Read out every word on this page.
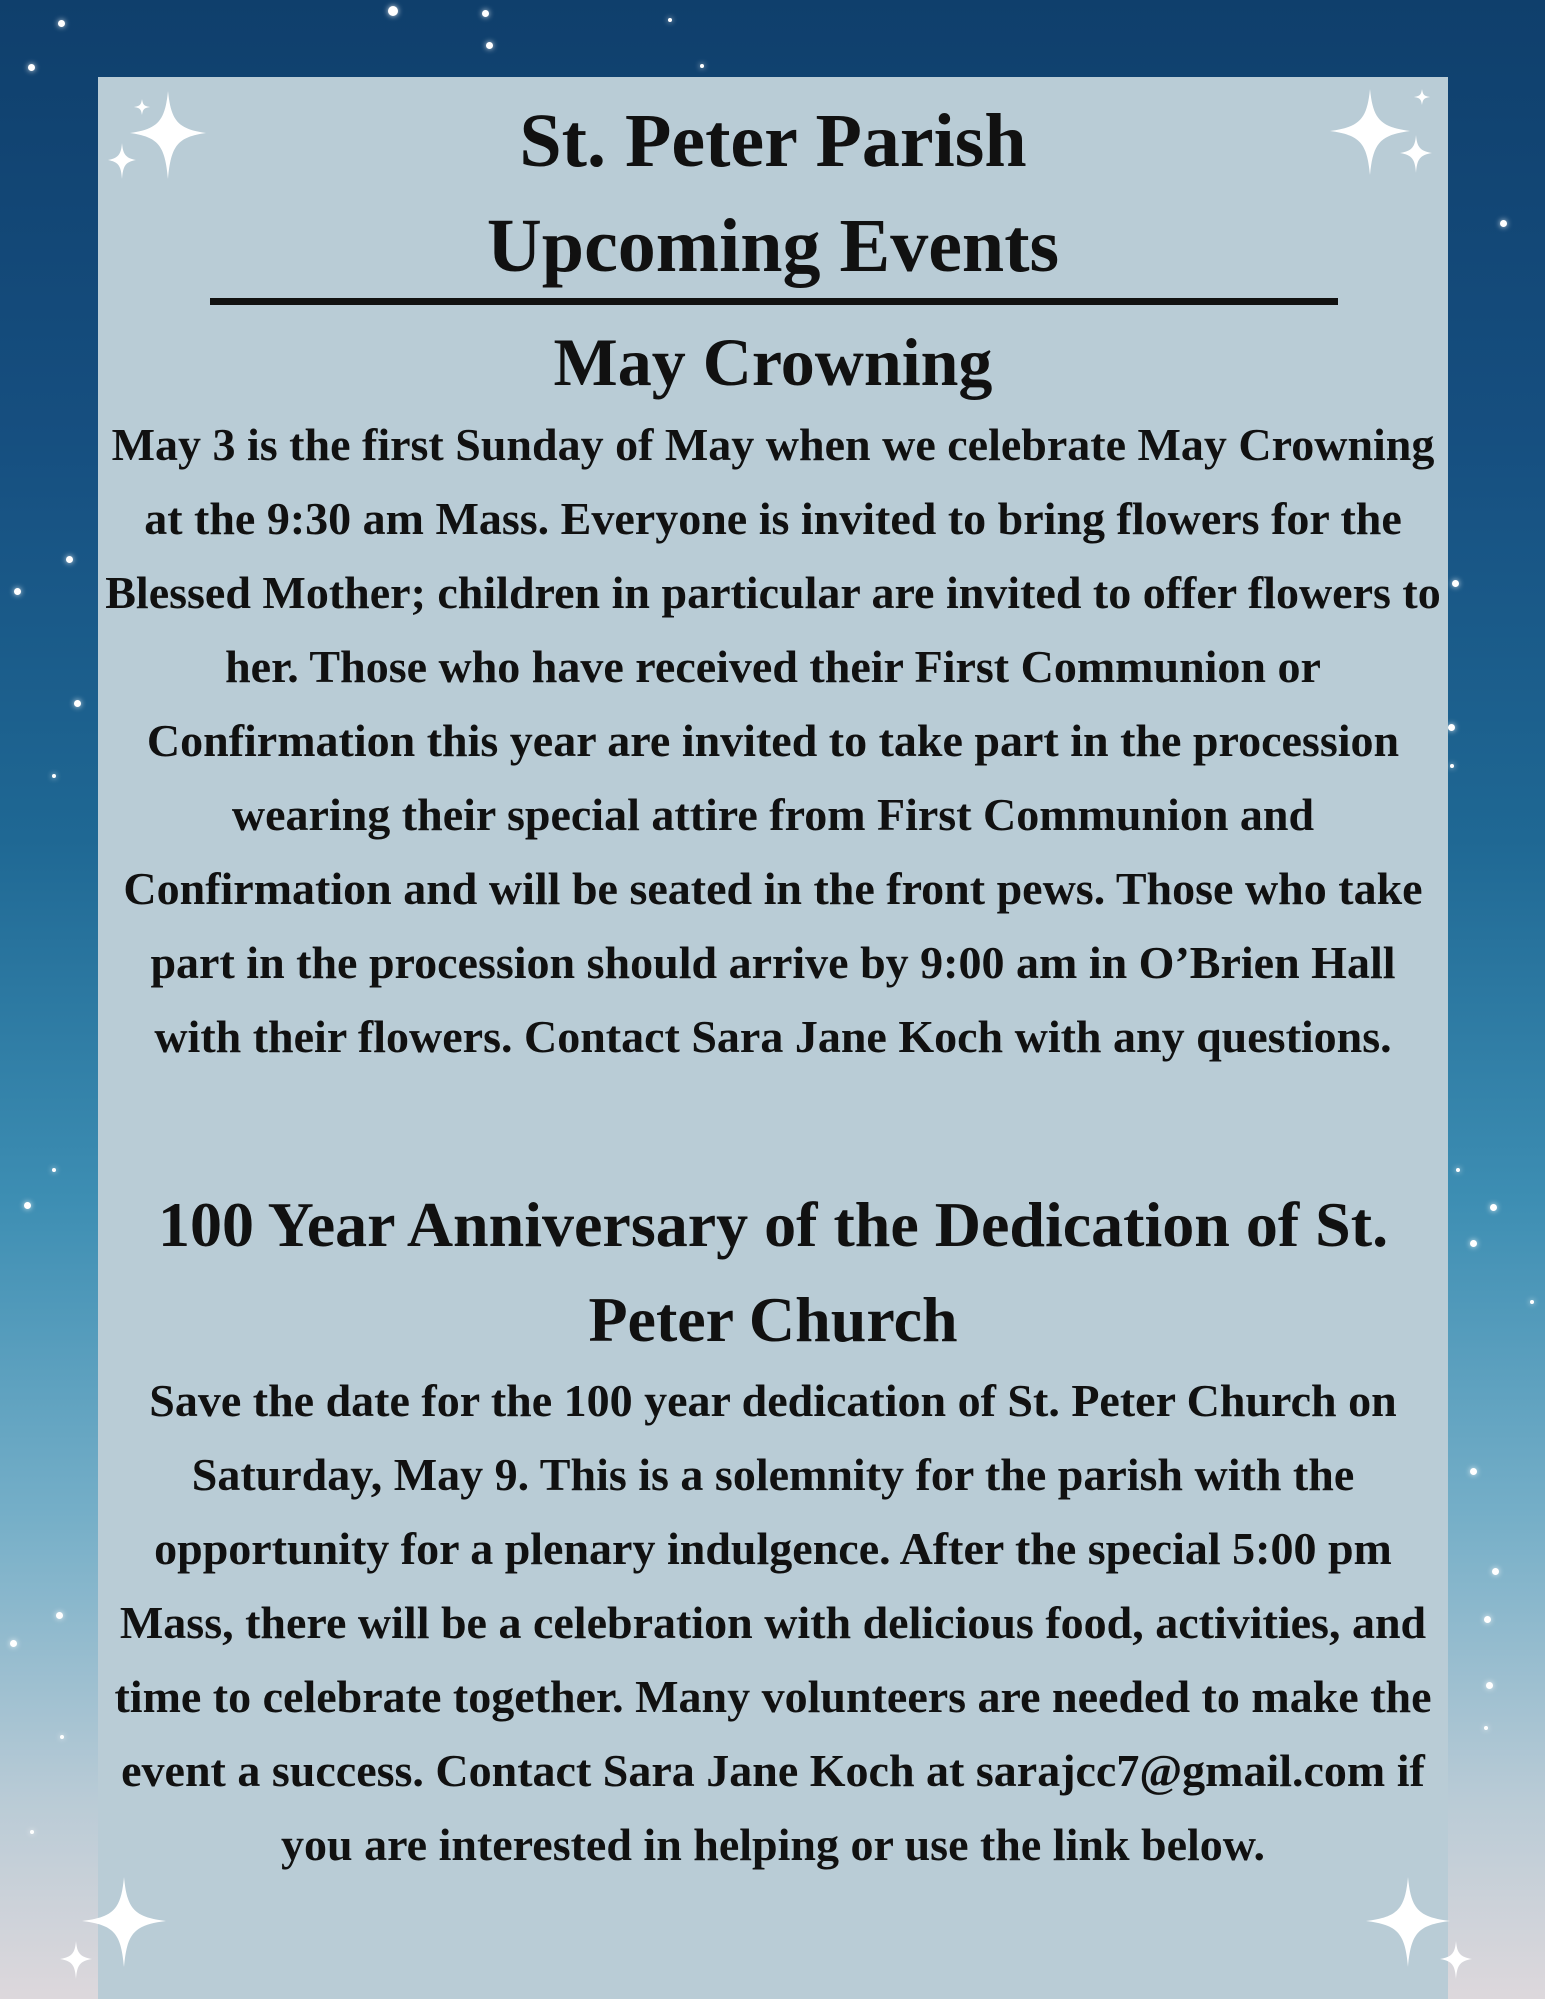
St. Peter Parish
Upcoming Events
May Crowning

May 3 is the first Sunday of May when we celebrate May Crowning at the 9:30 am Mass. Everyone is invited to bring flowers for the Blessed Mother; children in particular are invited to offer flowers to her. Those who have received their First Communion or Confirmation this year are invited to take part in the procession wearing their special attire from First Communion and Confirmation and will be seated in the front pews. Those who take part in the procession should arrive by 9:00 am in O’Brien Hall with their flowers. Contact Sara Jane Koch with any questions.

100 Year Anniversary of the Dedication of St. Peter Church

Save the date for the 100 year dedication of St. Peter Church on Saturday, May 9. This is a solemnity for the parish with the opportunity for a plenary indulgence. After the special 5:00 pm Mass, there will be a celebration with delicious food, activities, and time to celebrate together. Many volunteers are needed to make the event a success. Contact Sara Jane Koch at sarajcc7@gmail.com if you are interested in helping or use the link below.
